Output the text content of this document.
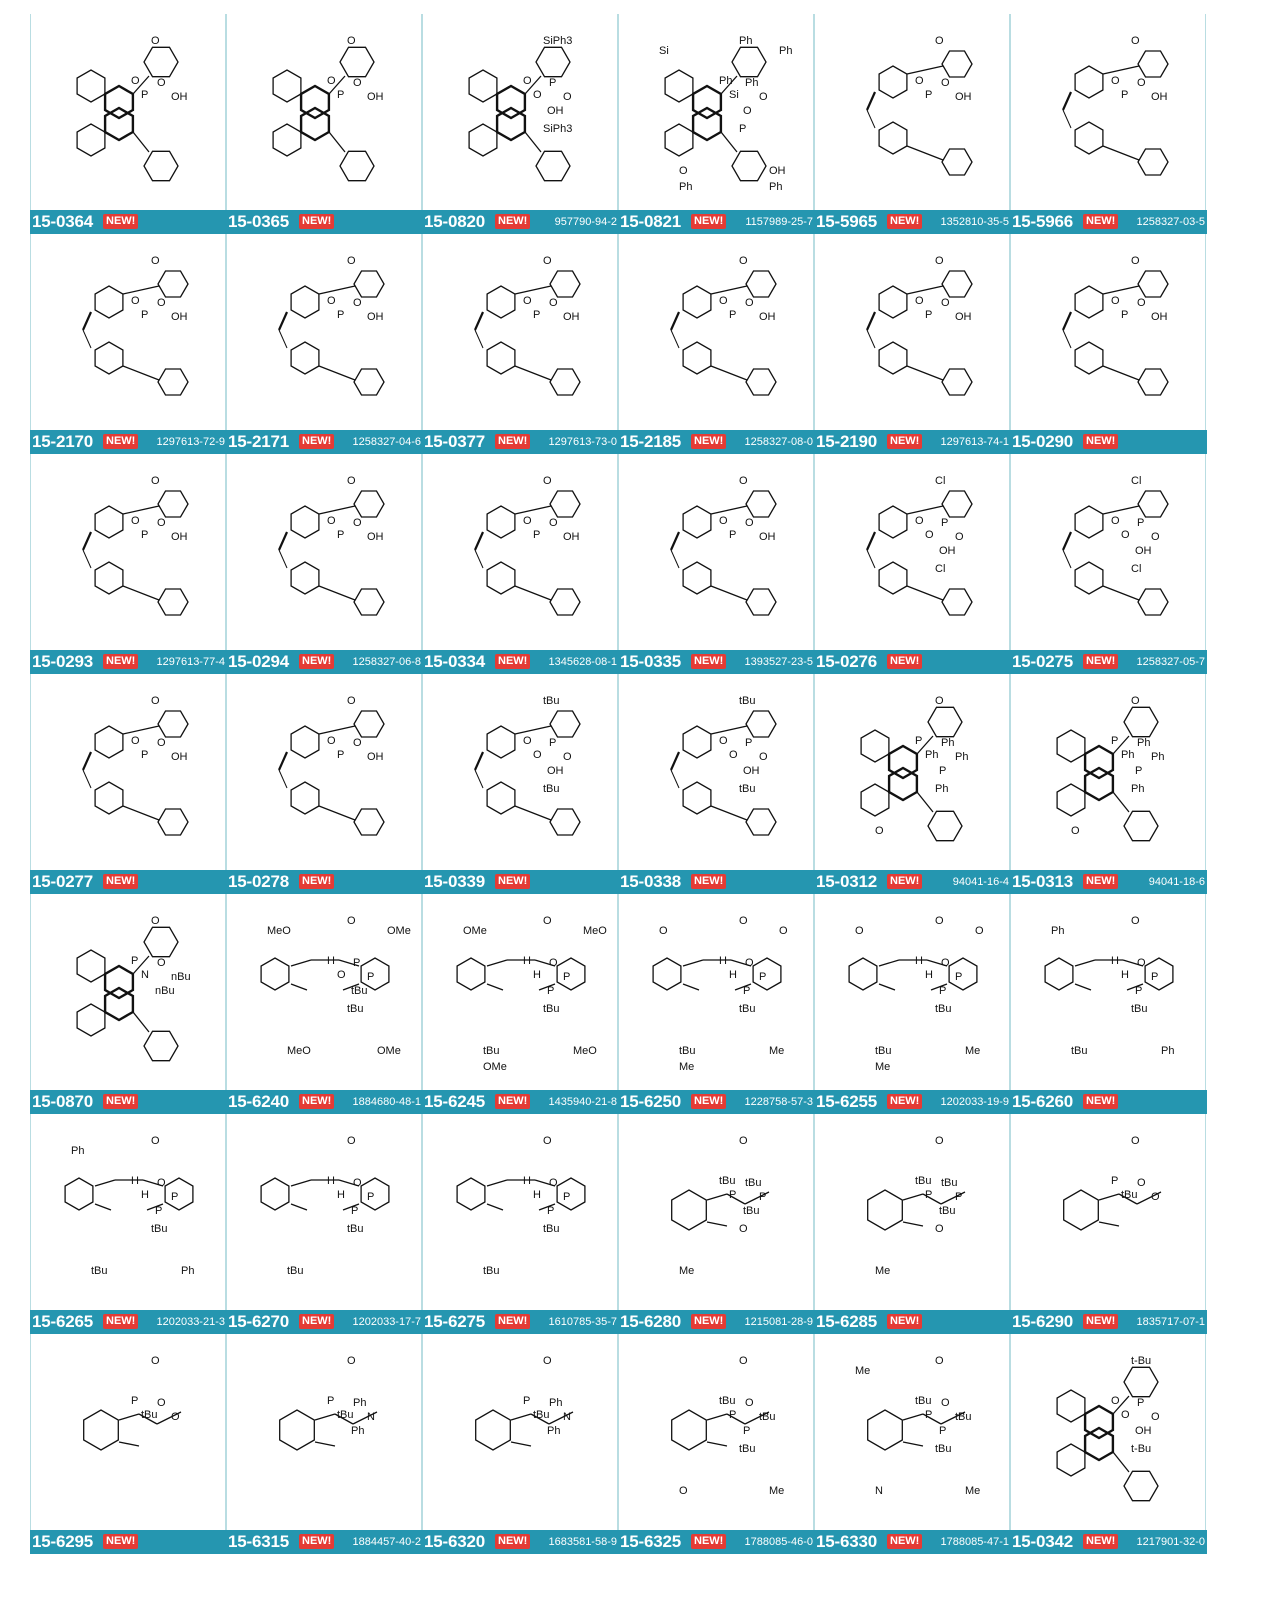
O
O
P
O
OH
15-0364 NEW!
O
O
P
O
OH
15-0365 NEW!
SiPh3
O
O
P
O
OH
SiPh3
15-0820 NEW! 957790-94-2
Ph
Ph
Si
Ph
O
O
P
O	OH
Si	Ph
Ph	Ph
15-0821 NEW! 1157989-25-7
O
O
P
O
OH
15-5965 NEW! 1352810-35-5
O
O
P
O
OH
15-5966 NEW! 1258327-03-5
O
O
P
O
OH
15-2170 NEW! 1297613-72-9
O
O
P
O
OH
15-2171 NEW! 1258327-04-6
O
O
P
O
OH
15-0377 NEW! 1297613-73-0
O
O
P
O
OH
15-2185 NEW! 1258327-08-0
O
O
P
O
OH
15-2190 NEW! 1297613-74-1
O
O
P
O
OH
15-0290 NEW!
O
O
P
O
OH
15-0293 NEW! 1297613-77-4
O
O
P
O
OH
15-0294 NEW! 1258327-06-8
O
O
P
O
OH
15-0334 NEW! 1345628-08-1
O
O
P
O
OH
15-0335 NEW! 1393527-23-5
Cl
O
O
P
O
OH
Cl
15-0276 NEW!
Cl
O
O
P
O
OH
Cl
15-0275 NEW! 1258327-05-7
O
O
P
O
OH
15-0277 NEW!
O
O
P
O
OH
15-0278 NEW!
tBu
O
O
P
O
OH
tBu
15-0339 NEW!
tBu
O
O
P
O
OH
tBu
15-0338 NEW!
O
P
Ph
Ph
Ph
P
Ph
O
15-0312 NEW!	94041-16-4
O
P
Ph
Ph
Ph
P
Ph
O
15-0313 NEW!	94041-18-6
O
P
N
O
nBu
nBu
15-0870 NEW!
O
H
O
P
P
tBu
tBu
MeO	OMe
MeO	OMe
15-6240 NEW! 1884680-48-1
O
H
H
O
P
P
tBu
tBu	MeO
OMe	MeO
OMe
15-6245 NEW! 1435940-21-8
O
H
H
O
P
P
tBu
tBu	Me
O	O
Me
15-6250 NEW! 1228758-57-3
O
H
H
O
P
P
tBu
tBu	Me
O	O
Me
15-6255 NEW! 1202033-19-9
O
H
H
O
P
P
tBu
tBu	Ph
Ph
15-6260 NEW!
O
H
H
O
P
P
tBu
tBu	Ph
Ph
15-6265 NEW! 1202033-21-3
O
H
H
O
P
P
tBu
tBu
15-6270 NEW! 1202033-17-7
O
H
H
O
P
P
tBu
tBu
15-6275 NEW! 1610785-35-7
O
tBu
P
tBu
P
tBu
O
Me
15-6280 NEW! 1215081-28-9
O
tBu
P
tBu
P
tBu
O
Me
15-6285 NEW!
O
P
tBu
O
O
15-6290 NEW! 1835717-07-1
O
P
tBu
O
O
15-6295 NEW!
O
P
tBu
Ph
N
Ph
15-6315 NEW! 1884457-40-2
O
P
tBu
Ph
N
Ph
15-6320 NEW! 1683581-58-9
O
tBu
P
O
tBu
P
tBu
O	Me
15-6325 NEW! 1788085-46-0
O
tBu
P
O
tBu
P
tBu
N	Me
Me
15-6330 NEW! 1788085-47-1
t-Bu
O
O
P
O
OH
t-Bu
15-0342 NEW! 1217901-32-0
